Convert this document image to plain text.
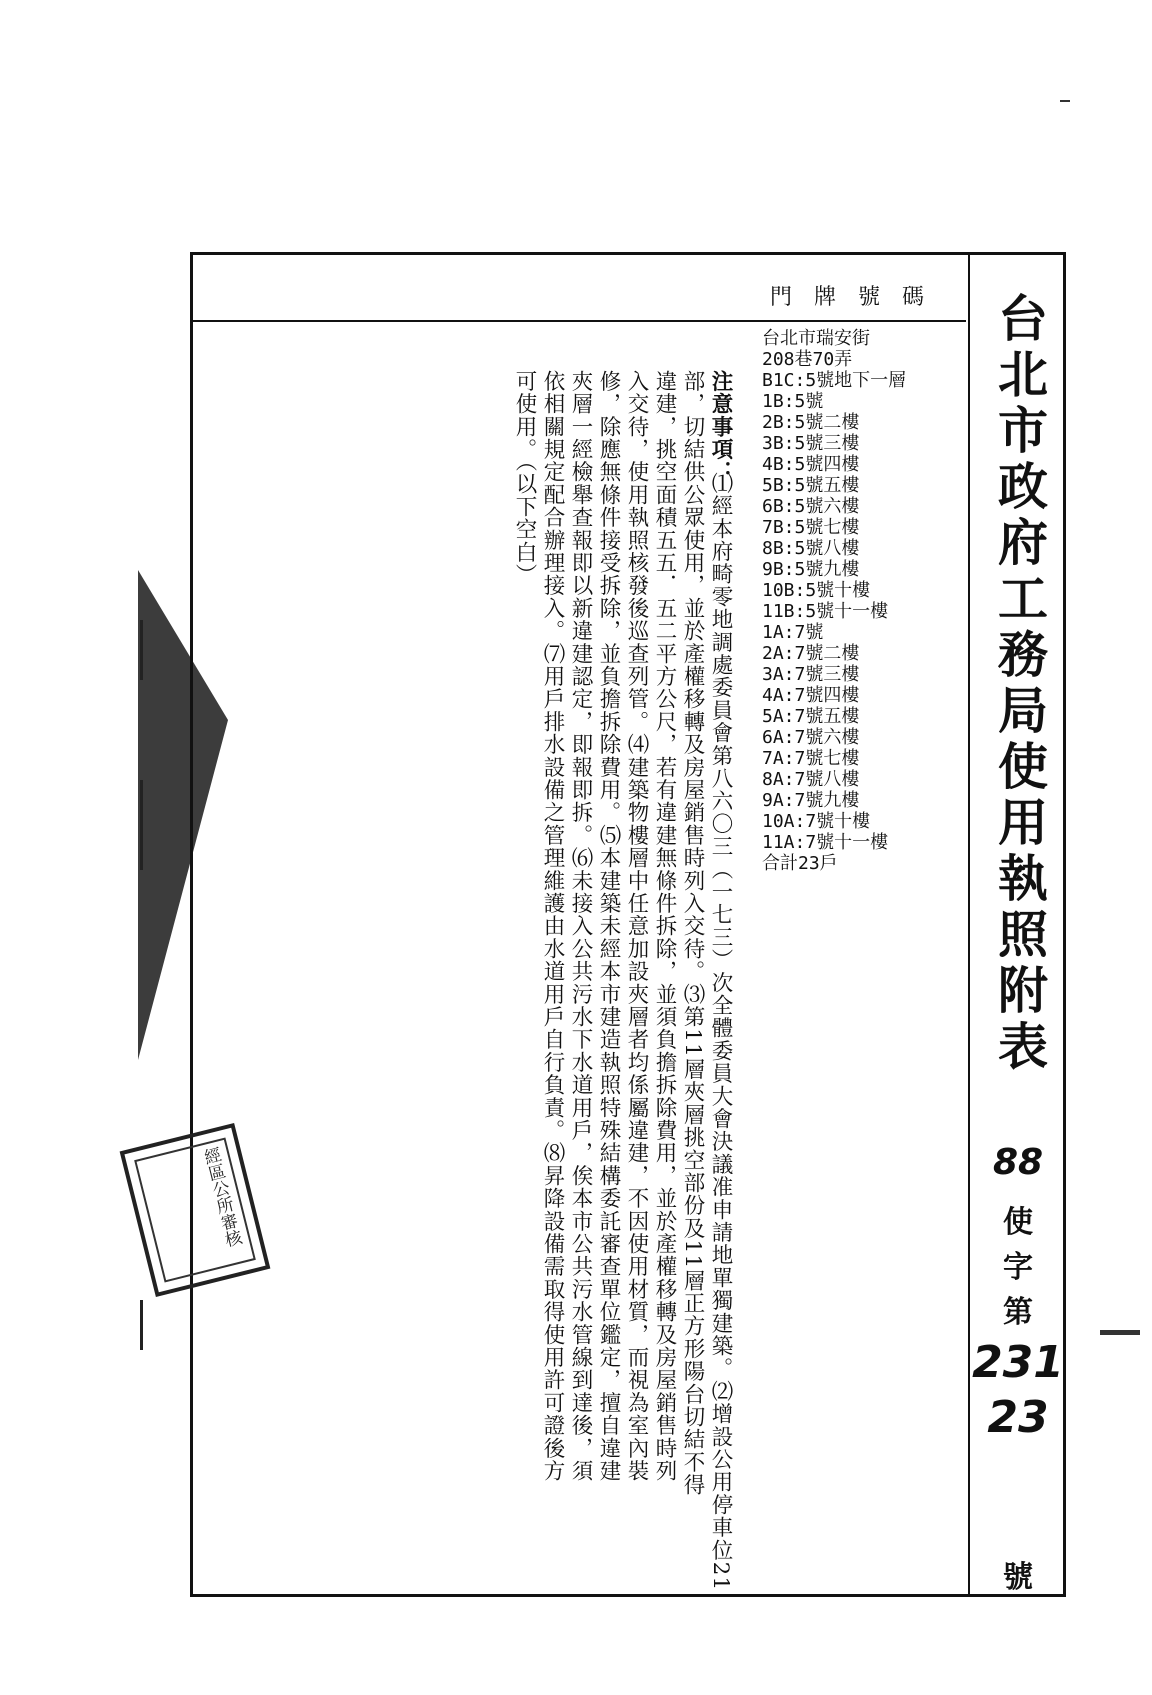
門牌號碼 台北市政府工務局使用執照附表
88
使
字
第
231
23
號
台北市瑞安街
208巷70弄
B1C:5號地下一層
1B:5號
2B:5號二樓
3B:5號三樓
4B:5號四樓
5B:5號五樓
6B:5號六樓
7B:5號七樓
8B:5號八樓
9B:5號九樓
10B:5號十樓
11B:5號十一樓
1A:7號
2A:7號二樓
3A:7號三樓
4A:7號四樓
5A:7號五樓
6A:7號六樓
7A:7號七樓
8A:7號八樓
9A:7號九樓
10A:7號十樓
11A:7號十一樓
合計23戶
注意事項：
⑴經本府畸零地調處委員會第八六〇三（一七三）次全體委員大會決議准申請地單獨建築。⑵增設公用停車位21
部，切結供公眾使用，並於產權移轉及房屋銷售時列入交待。⑶第11層夾層挑空部份及11層正方形陽台切結不得
違建，挑空面積五五．五二平方公尺，若有違建無條件拆除，並須負擔拆除費用，並於產權移轉及房屋銷售時列
入交待，使用執照核發後巡查列管。⑷建築物樓層中任意加設夾層者均係屬違建，不因使用材質，而視為室內裝
修，除應無條件接受拆除，並負擔拆除費用。⑸本建築未經本市建造執照特殊結構委託審查單位鑑定，擅自違建
夾層一經檢舉查報即以新違建認定，即報即拆。⑹未接入公共污水下水道用戶，俟本市公共污水管線到達後，須
依相關規定配合辦理接入。⑺用戶排水設備之管理維護由水道用戶自行負責。⑻昇降設備需取得使用許可證後方
可使用。（以下空白）
經區公所審核
